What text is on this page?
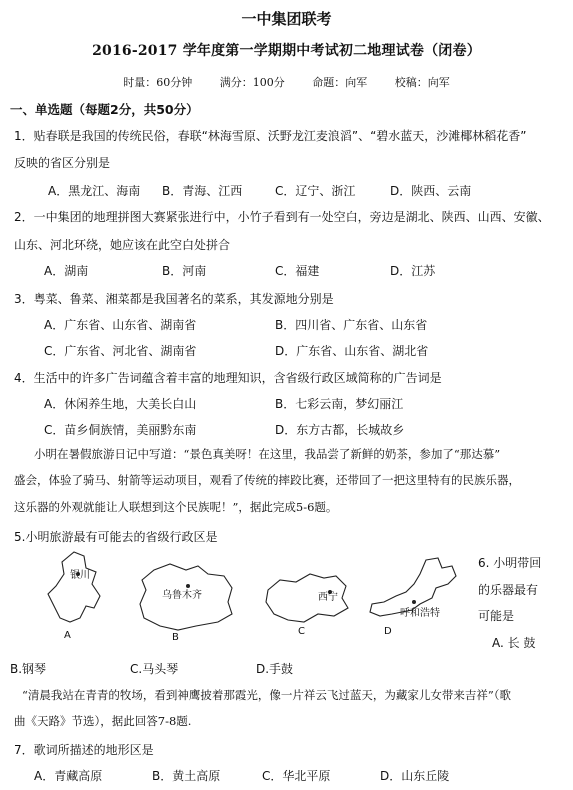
一中集团联考
2016-2017 学年度第一学期期中考试初二地理试卷（闭卷）
时量：60分钟	满分：100分	命题：向军	校稿：向军
一、单选题（每题2分，共50分）
1．贴春联是我国的传统民俗，春联“林海雪原、沃野龙江麦浪滔”、“碧水蓝天，沙滩椰林稻花香”
反映的省区分别是
A．黑龙江、海南 B．青海、江西	C．辽宁、浙江	D．陕西、云南
2．一中集团的地理拼图大赛紧张进行中，小竹子看到有一处空白，旁边是湖北、陕西、山西、安徽、
山东、河北环绕，她应该在此空白处拼合
A．湖南	B．河南	C．福建	D．江苏
3．粤菜、鲁菜、湘菜都是我国著名的菜系，其发源地分别是
A．广东省、山东省、湖南省	B．四川省、广东省、山东省
C．广东省、河北省、湖南省	D．广东省、山东省、湖北省
4．生活中的许多广告词蕴含着丰富的地理知识，含省级行政区域简称的广告词是
A．休闲养生地，大美长白山	B．七彩云南，梦幻丽江
C．苗乡侗族情，美丽黔东南	D．东方古都，长城故乡
小明在暑假旅游日记中写道：“景色真美呀！在这里，我品尝了新鲜的奶茶，参加了“那达慕”
盛会，体验了骑马、射箭等运动项目，观看了传统的摔跤比赛，还带回了一把这里特有的民族乐器，
这乐器的外观就能让人联想到这个民族呢！”，据此完成5-6题。
5.小明旅游最有可能去的省级行政区是
银川
A
乌鲁木齐
B
西宁
C
呼和浩特
D
6. 小明带回
的乐器最有
可能是
A. 长 鼓
B.钢琴	C.马头琴	D.手鼓
“清晨我站在青青的牧场，看到神鹰披着那霞光，像一片祥云飞过蓝天，为藏家儿女带来吉祥”（歌
曲《天路》节选），据此回答7-8题.
7．歌词所描述的地形区是
A．青藏高原	B．黄土高原	C．华北平原	D．山东丘陵
